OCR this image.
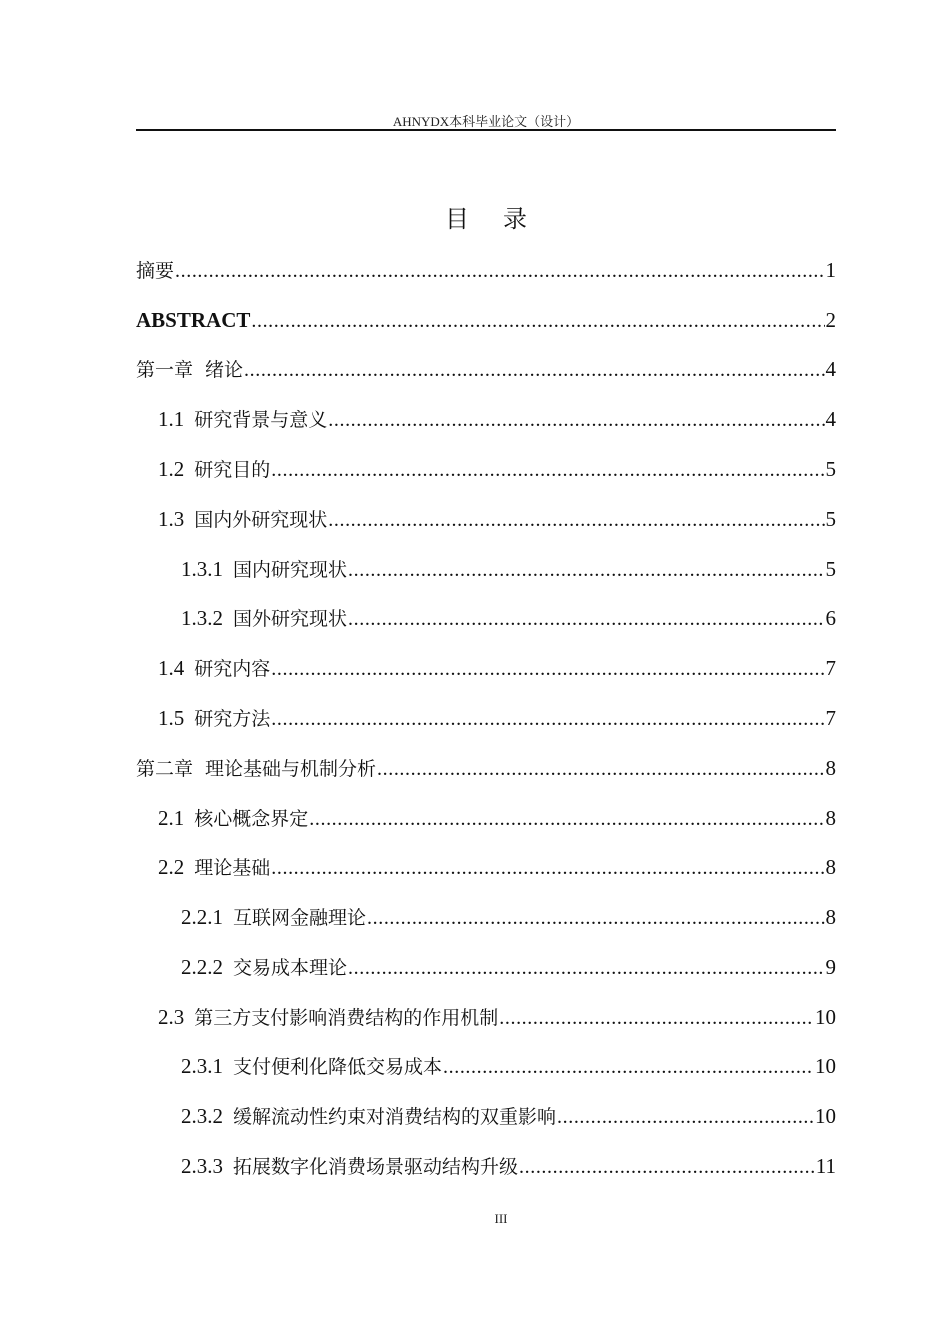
AHNYDX本科毕业论文（设计）
目录
摘要 .....	1
ABSTRACT .....	2
第一章 绪论 .....	4
1.1 研究背景与意义 .....	4
1.2 研究目的 .....	5
1.3 国内外研究现状 .....	5
1.3.1 国内研究现状 .....	5
1.3.2 国外研究现状 .....	6
1.4 研究内容 .....	7
1.5 研究方法 .....	7
第二章 理论基础与机制分析 .....	8
2.1 核心概念界定 .....	8
2.2 理论基础 .....	8
2.2.1 互联网金融理论 .....	8
2.2.2 交易成本理论 .....	9
2.3 第三方支付影响消费结构的作用机制 .....	10
2.3.1 支付便利化降低交易成本 .....	10
2.3.2 缓解流动性约束对消费结构的双重影响 .....	10
2.3.3 拓展数字化消费场景驱动结构升级 .....	11
III
